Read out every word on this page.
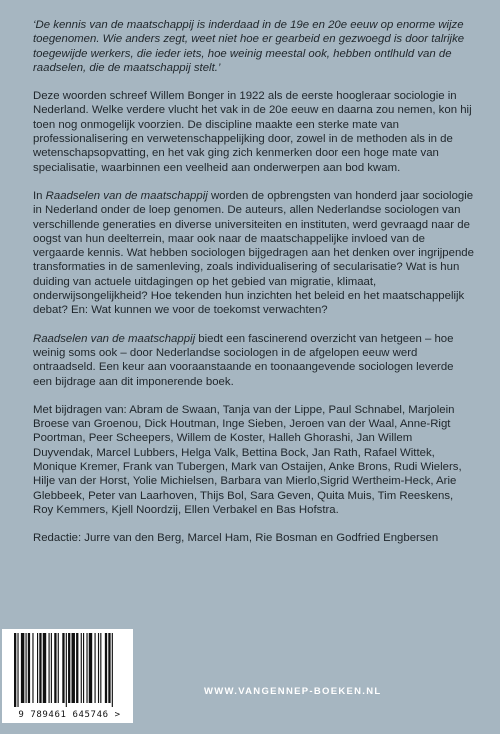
‘De kennis van de maatschappij is inderdaad in de 19e en 20e eeuw op enorme wijze toegenomen. Wie anders zegt, weet niet hoe er gearbeid en gezwoegd is door talrijke toegewijde werkers, die ieder iets, hoe weinig meestal ook, hebben ontlhuld van de raadselen, die de maatschappij stelt.’

Deze woorden schreef Willem Bonger in 1922 als de eerste hoogleraar sociologie in Nederland. Welke verdere vlucht het vak in de 20e eeuw en daarna zou nemen, kon hij toen nog onmogelijk voorzien. De discipline maakte een sterke mate van professionalisering en verwetenschappelijking door, zowel in de methoden als in de wetenschapsopvatting, en het vak ging zich kenmerken door een hoge mate van specialisatie, waarbinnen een veelheid aan onderwerpen aan bod kwam.

In Raadselen van de maatschappij worden de opbrengsten van honderd jaar sociologie in Nederland onder de loep genomen. De auteurs, allen Nederlandse sociologen van verschillende generaties en diverse universiteiten en instituten, werd gevraagd naar de oogst van hun deelterrein, maar ook naar de maatschappelijke invloed van de vergaarde kennis. Wat hebben sociologen bijgedragen aan het denken over ingrijpende transformaties in de samenleving, zoals individualisering of secularisatie? Wat is hun duiding van actuele uitdagingen op het gebied van migratie, klimaat, onderwijsongelijkheid? Hoe tekenden hun inzichten het beleid en het maatschappelijk debat? En: Wat kunnen we voor de toekomst verwachten?

Raadselen van de maatschappij biedt een fascinerend overzicht van hetgeen – hoe weinig soms ook – door Nederlandse sociologen in de afgelopen eeuw werd ontraadseld. Een keur aan vooraanstaande en toonaangevende sociologen leverde een bijdrage aan dit imponerende boek.

Met bijdragen van: Abram de Swaan, Tanja van der Lippe, Paul Schnabel, Marjolein Broese van Groenou, Dick Houtman, Inge Sieben, Jeroen van der Waal, Anne-Rigt Poortman, Peer Scheepers, Willem de Koster, Halleh Ghorashi, Jan Willem Duyvendak, Marcel Lubbers, Helga Valk, Bettina Bock, Jan Rath, Rafael Wittek, Monique Kremer, Frank van Tubergen, Mark van Ostaijen, Anke Brons, Rudi Wielers, Hilje van der Horst, Yolie Michielsen, Barbara van Mierlo,Sigrid Wertheim-Heck, Arie Glebbeek, Peter van Laarhoven, Thijs Bol, Sara Geven, Quita Muis, Tim Reeskens, Roy Kemmers, Kjell Noordzij, Ellen Verbakel en Bas Hofstra.

Redactie: Jurre van den Berg, Marcel Ham, Rie Bosman en Godfried Engbersen

9 789461 645746 >
WWW.VANGENNEP-BOEKEN.NL
